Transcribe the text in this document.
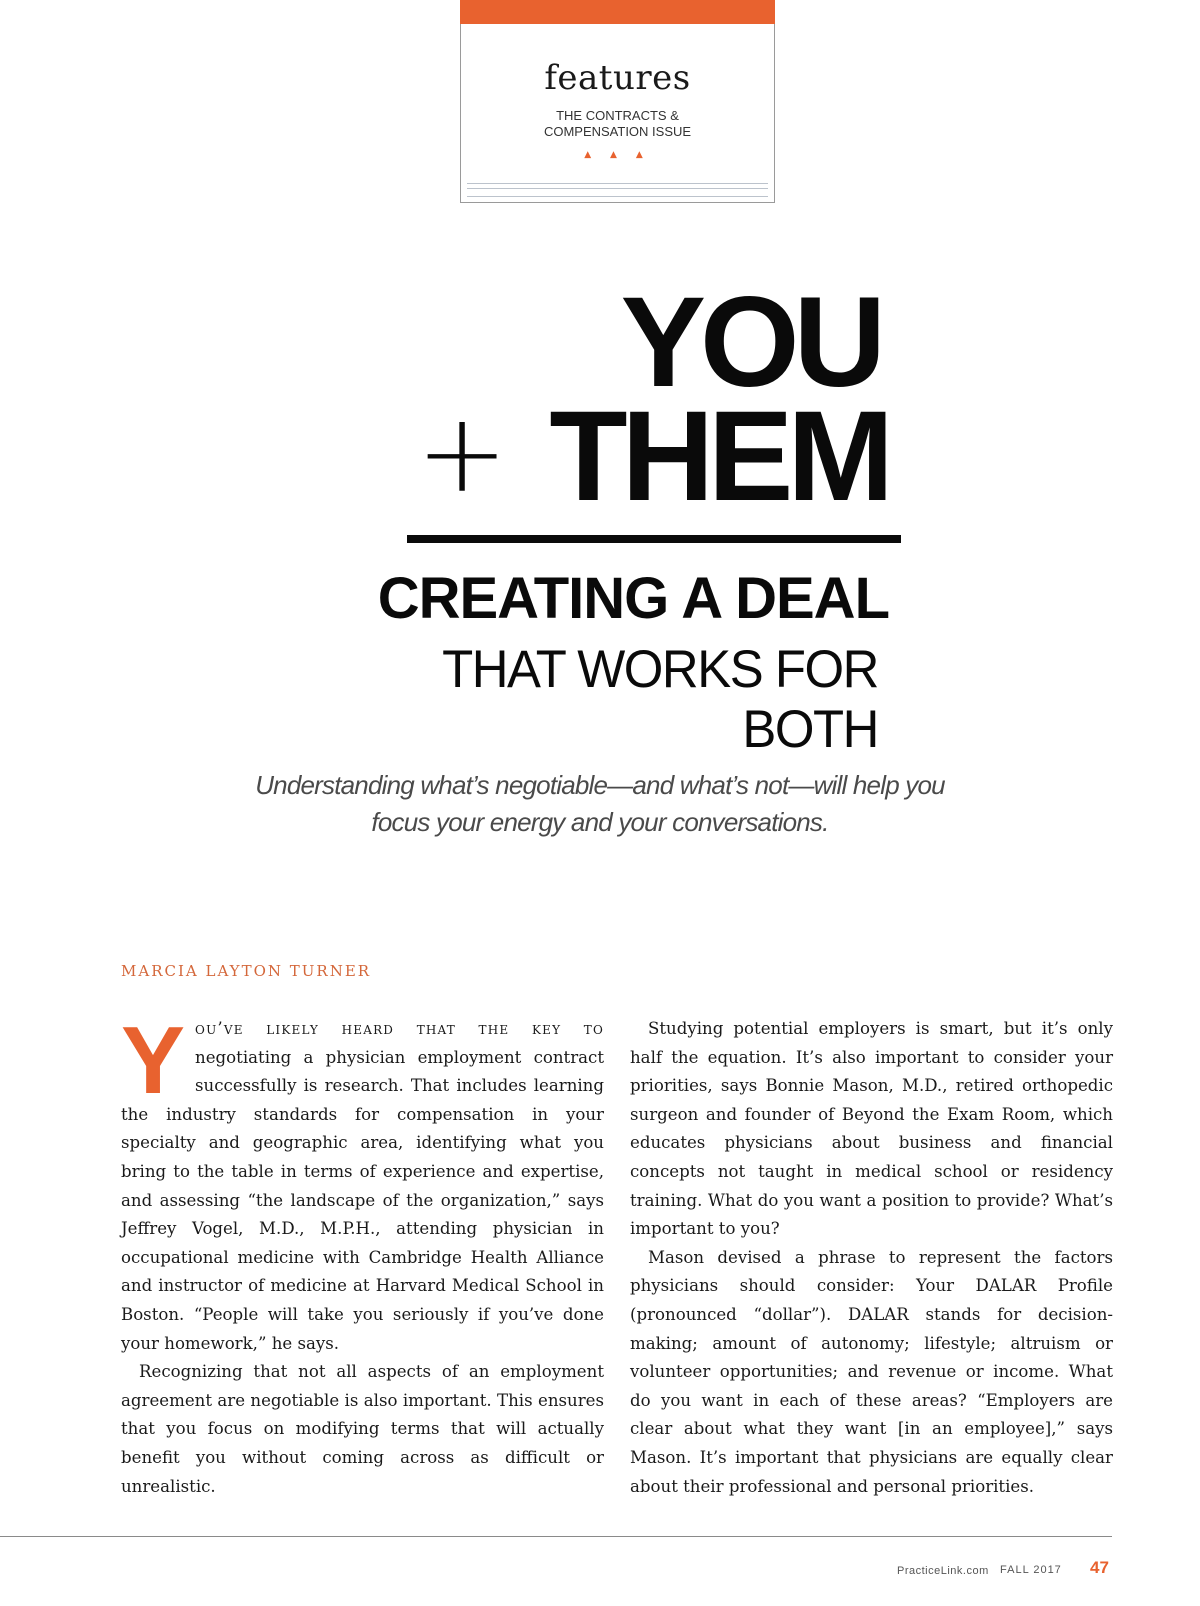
features
THE CONTRACTS &
COMPENSATION ISSUE
▲ ▲ ▲
YOU
+ THEM
CREATING A DEAL
THAT WORKS FOR BOTH
Understanding what’s negotiable—and what’s not—will help you
focus your energy and your conversations.
MARCIA LAYTON TURNER

You’ve likely heard that the key to negotiating a physician employment contract successfully is research. That includes learning the industry standards for compensation in your specialty and geographic area, identifying what you bring to the table in terms of experience and expertise, and assessing “the landscape of the organization,” says Jeffrey Vogel, M.D., M.P.H., attending physician in occupational medicine with Cambridge Health Alliance and instructor of medicine at Harvard Medical School in Boston. “People will take you seriously if you’ve done your homework,” he says.

Recognizing that not all aspects of an employment agreement are negotiable is also important. This ensures that you focus on modifying terms that will actually benefit you without coming across as difficult or unrealistic.

Studying potential employers is smart, but it’s only half the equation. It’s also important to consider your priorities, says Bonnie Mason, M.D., retired orthopedic surgeon and founder of Beyond the Exam Room, which educates physicians about business and financial concepts not taught in medical school or residency training. What do you want a position to provide? What’s important to you?

Mason devised a phrase to represent the factors physicians should consider: Your DALAR Profile (pronounced “dollar”). DALAR stands for decision-making; amount of autonomy; lifestyle; altruism or volunteer opportunities; and revenue or income. What do you want in each of these areas? “Employers are clear about what they want [in an employee],” says Mason. It’s important that physicians are equally clear about their professional and personal priorities.

PracticeLink.com FALL 2017 47
